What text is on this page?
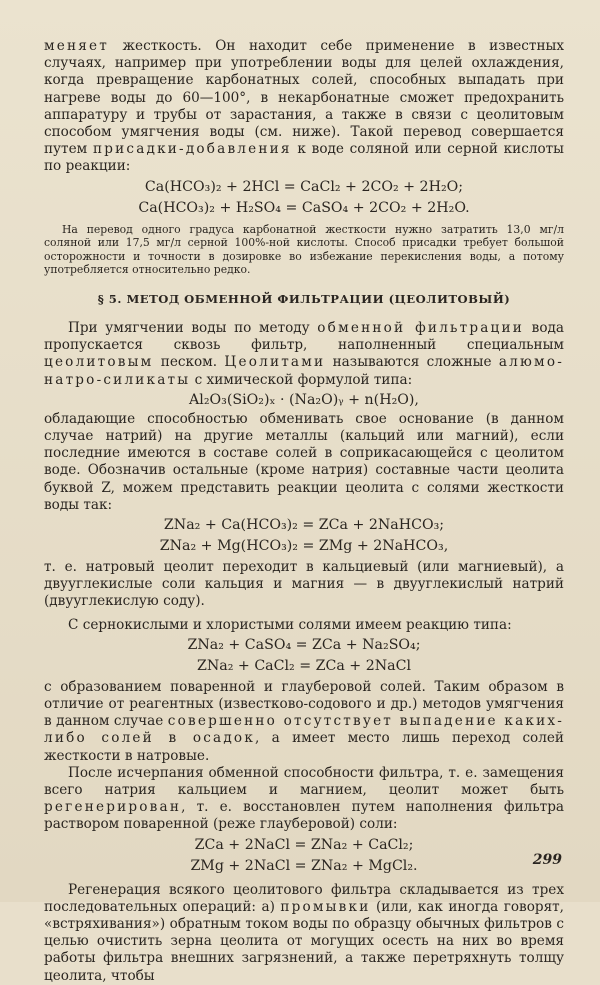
меняет жесткость. Он находит себе применение в известных случаях, например при употреблении воды для целей охлаждения, когда превращение карбонатных солей, способных выпадать при нагреве воды до 60—100°, в некарбонатные сможет предохранить аппаратуру и трубы от зарастания, а также в связи с цеолитовым способом умягчения воды (см. ниже). Такой перевод совершается путем присадки-добавления к воде соляной или серной кислоты по реакции:

Ca(HCO₃)₂ + 2HCl = CaCl₂ + 2CO₂ + 2H₂O;

Ca(HCO₃)₂ + H₂SO₄ = CaSO₄ + 2CO₂ + 2H₂O.

На перевод одного градуса карбонатной жесткости нужно затратить 13,0 мг/л соляной или 17,5 мг/л серной 100%-ной кислоты. Способ присадки требует большой осторожности и точности в дозировке во избежание перекисления воды, а потому употребляется относительно редко.

§ 5. МЕТОД ОБМЕННОЙ ФИЛЬТРАЦИИ (ЦЕОЛИТОВЫЙ)

При умягчении воды по методу обменной фильтрации вода пропускается сквозь фильтр, наполненный специальным цеолитовым песком. Цеолитами называются сложные алюмо-натро-силикаты с химической формулой типа:

Al₂O₃(SiO₂)ₓ · (Na₂O)ᵧ + n(H₂O),

обладающие способностью обменивать свое основание (в данном случае натрий) на другие металлы (кальций или магний), если последние имеются в составе солей в соприкасающейся с цеолитом воде. Обозначив остальные (кроме натрия) составные части цеолита буквой Z, можем представить реакции цеолита с солями жесткости воды так:

ZNa₂ + Ca(HCO₃)₂ = ZCa + 2NaHCO₃;

ZNa₂ + Mg(HCO₃)₂ = ZMg + 2NaHCO₃,

т. е. натровый цеолит переходит в кальциевый (или магниевый), а двууглекислые соли кальция и магния — в двууглекислый натрий (двууглекислую соду).

С сернокислыми и хлористыми солями имеем реакцию типа:

ZNa₂ + CaSO₄ = ZCa + Na₂SO₄;

ZNa₂ + CaCl₂ = ZCa + 2NaCl

с образованием поваренной и глауберовой солей. Таким образом в отличие от реагентных (известково-содового и др.) методов умягчения в данном случае совершенно отсутствует выпадение каких-либо солей в осадок, а имеет место лишь переход солей жесткости в натровые.

После исчерпания обменной способности фильтра, т. е. замещения всего натрия кальцием и магнием, цеолит может быть регенерирован, т. е. восстановлен путем наполнения фильтра раствором поваренной (реже глауберовой) соли:

ZCa + 2NaCl = ZNa₂ + CaCl₂;

ZMg + 2NaCl = ZNa₂ + MgCl₂.

Регенерация всякого цеолитового фильтра складывается из трех последовательных операций: а) промывки (или, как иногда говорят, «встряхивания») обратным током воды по образцу обычных фильтров с целью очистить зерна цеолита от могущих осесть на них во время работы фильтра внешних загрязнений, а также перетряхнуть толщу цеолита, чтобы

299
